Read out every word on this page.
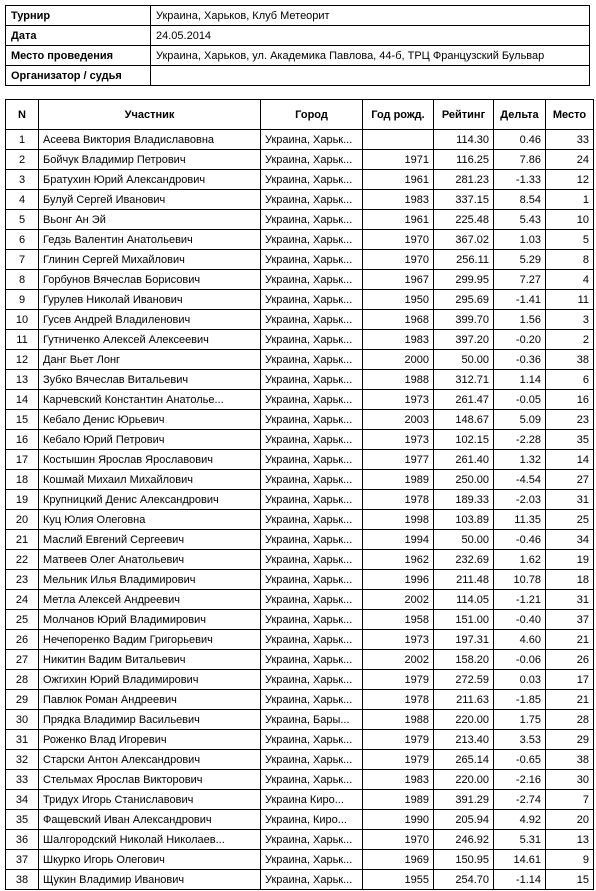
Турнир	Украина, Харьков, Клуб Метеорит
Дата	24.05.2014
Место проведения	Украина, Харьков, ул. Академика Павлова, 44-б, ТРЦ Французский Бульвар
Организатор / судья	
N	Участник	Город	Год рожд.	Рейтинг	Дельта	Место
1	Асеева Виктория Владиславовна	Украина, Харьк...		114.30	0.46	33
2	Бойчук Владимир Петрович	Украина, Харьк...	1971	116.25	7.86	24
3	Братухин Юрий Александрович	Украина, Харьк...	1961	281.23	-1.33	12
4	Булуй Сергей Иванович	Украина, Харьк...	1983	337.15	8.54	1
5	Вьонг Ан Эй	Украина, Харьк...	1961	225.48	5.43	10
6	Гедзь Валентин Анатольевич	Украина, Харьк...	1970	367.02	1.03	5
7	Глинин Сергей Михайлович	Украина, Харьк...	1970	256.11	5.29	8
8	Горбунов Вячеслав Борисович	Украина, Харьк...	1967	299.95	7.27	4
9	Гурулев Николай Иванович	Украина, Харьк...	1950	295.69	-1.41	11
10	Гусев Андрей Владиленович	Украина, Харьк...	1968	399.70	1.56	3
11	Гутниченко Алексей Алексеевич	Украина, Харьк...	1983	397.20	-0.20	2
12	Данг Вьет Лонг	Украина, Харьк...	2000	50.00	-0.36	38
13	Зубко Вячеслав Витальевич	Украина, Харьк...	1988	312.71	1.14	6
14	Карчевский Константин Анатолье...	Украина, Харьк...	1973	261.47	-0.05	16
15	Кебало Денис Юрьевич	Украина, Харьк...	2003	148.67	5.09	23
16	Кебало Юрий Петрович	Украина, Харьк...	1973	102.15	-2.28	35
17	Костышин Ярослав Ярославович	Украина, Харьк...	1977	261.40	1.32	14
18	Кошмай Михаил Михайлович	Украина, Харьк...	1989	250.00	-4.54	27
19	Крупницкий Денис Александрович	Украина, Харьк...	1978	189.33	-2.03	31
20	Куц Юлия Олеговна	Украина, Харьк...	1998	103.89	11.35	25
21	Маслий Евгений Сергеевич	Украина, Харьк...	1994	50.00	-0.46	34
22	Матвеев Олег Анатольевич	Украина, Харьк...	1962	232.69	1.62	19
23	Мельник Илья Владимирович	Украина, Харьк...	1996	211.48	10.78	18
24	Метла Алексей Андреевич	Украина, Харьк...	2002	114.05	-1.21	31
25	Молчанов Юрий Владимирович	Украина, Харьк...	1958	151.00	-0.40	37
26	Нечепоренко Вадим Григорьевич	Украина, Харьк...	1973	197.31	4.60	21
27	Никитин Вадим Витальевич	Украина, Харьк...	2002	158.20	-0.06	26
28	Ожгихин Юрий Владимирович	Украина, Харьк...	1979	272.59	0.03	17
29	Павлюк Роман Андреевич	Украина, Харьк...	1978	211.63	-1.85	21
30	Прядка Владимир Васильевич	Украина, Бары...	1988	220.00	1.75	28
31	Роженко Влад Игоревич	Украина, Харьк...	1979	213.40	3.53	29
32	Старски Антон Александрович	Украина, Харьк...	1979	265.14	-0.65	38
33	Стельмах Ярослав Викторович	Украина, Харьк...	1983	220.00	-2.16	30
34	Тридух Игорь Станиславович	Украина Киро...	1989	391.29	-2.74	7
35	Фащевский Иван Александрович	Украина, Киро...	1990	205.94	4.92	20
36	Шалгородский Николай Николаев...	Украина, Харьк...	1970	246.92	5.31	13
37	Шкурко Игорь Олегович	Украина, Харьк...	1969	150.95	14.61	9
38	Щукин Владимир Иванович	Украина, Харьк...	1955	254.70	-1.14	15
